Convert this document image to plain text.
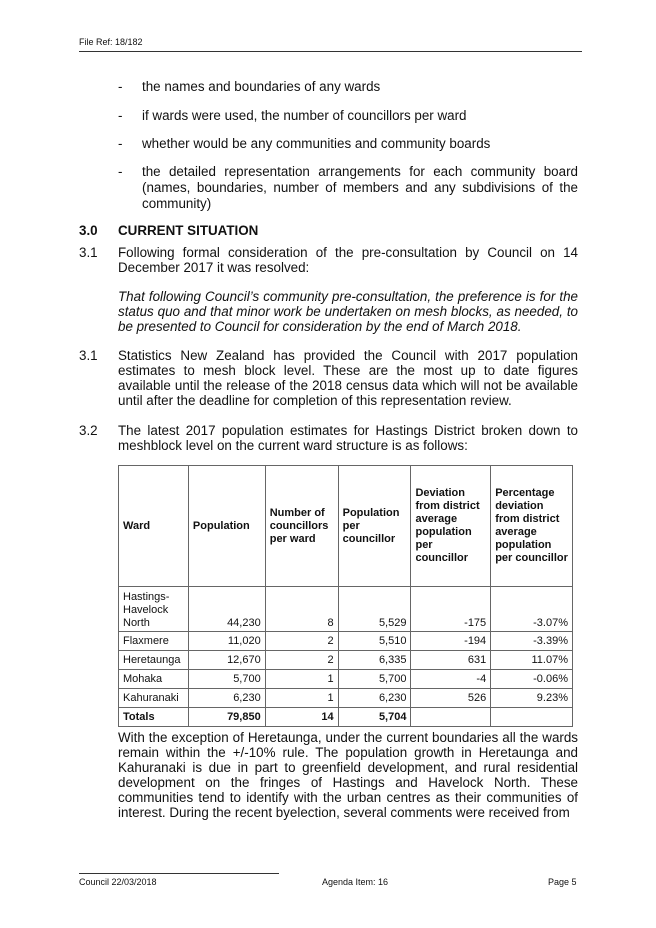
File Ref: 18/182
- the names and boundaries of any wards
- if wards were used, the number of councillors per ward
- whether would be any communities and community boards
- the detailed representation arrangements for each community board (names, boundaries, number of members and any subdivisions of the community)
3.0 CURRENT SITUATION
3.1 Following formal consideration of the pre-consultation by Council on 14 December 2017 it was resolved:
That following Council’s community pre-consultation, the preference is for the status quo and that minor work be undertaken on mesh blocks, as needed, to be presented to Council for consideration by the end of March 2018.
3.1 Statistics New Zealand has provided the Council with 2017 population estimates to mesh block level. These are the most up to date figures available until the release of the 2018 census data which will not be available until after the deadline for completion of this representation review.
3.2 The latest 2017 population estimates for Hastings District broken down to meshblock level on the current ward structure is as follows:
Ward	Population	Number of councillors per ward	Population per councillor	Deviation from district average population per councillor	Percentage deviation from district average population per councillor
Hastings-Havelock North	44,230	8	5,529	-175	-3.07%
Flaxmere	11,020	2	5,510	-194	-3.39%
Heretaunga	12,670	2	6,335	631	11.07%
Mohaka	5,700	1	5,700	-4	-0.06%
Kahuranaki	6,230	1	6,230	526	9.23%
Totals	79,850	14	5,704		
With the exception of Heretaunga, under the current boundaries all the wards remain within the +/-10% rule. The population growth in Heretaunga and Kahuranaki is due in part to greenfield development, and rural residential development on the fringes of Hastings and Havelock North. These communities tend to identify with the urban centres as their communities of interest. During the recent byelection, several comments were received from
Council 22/03/2018	Agenda Item: 16	Page 5
